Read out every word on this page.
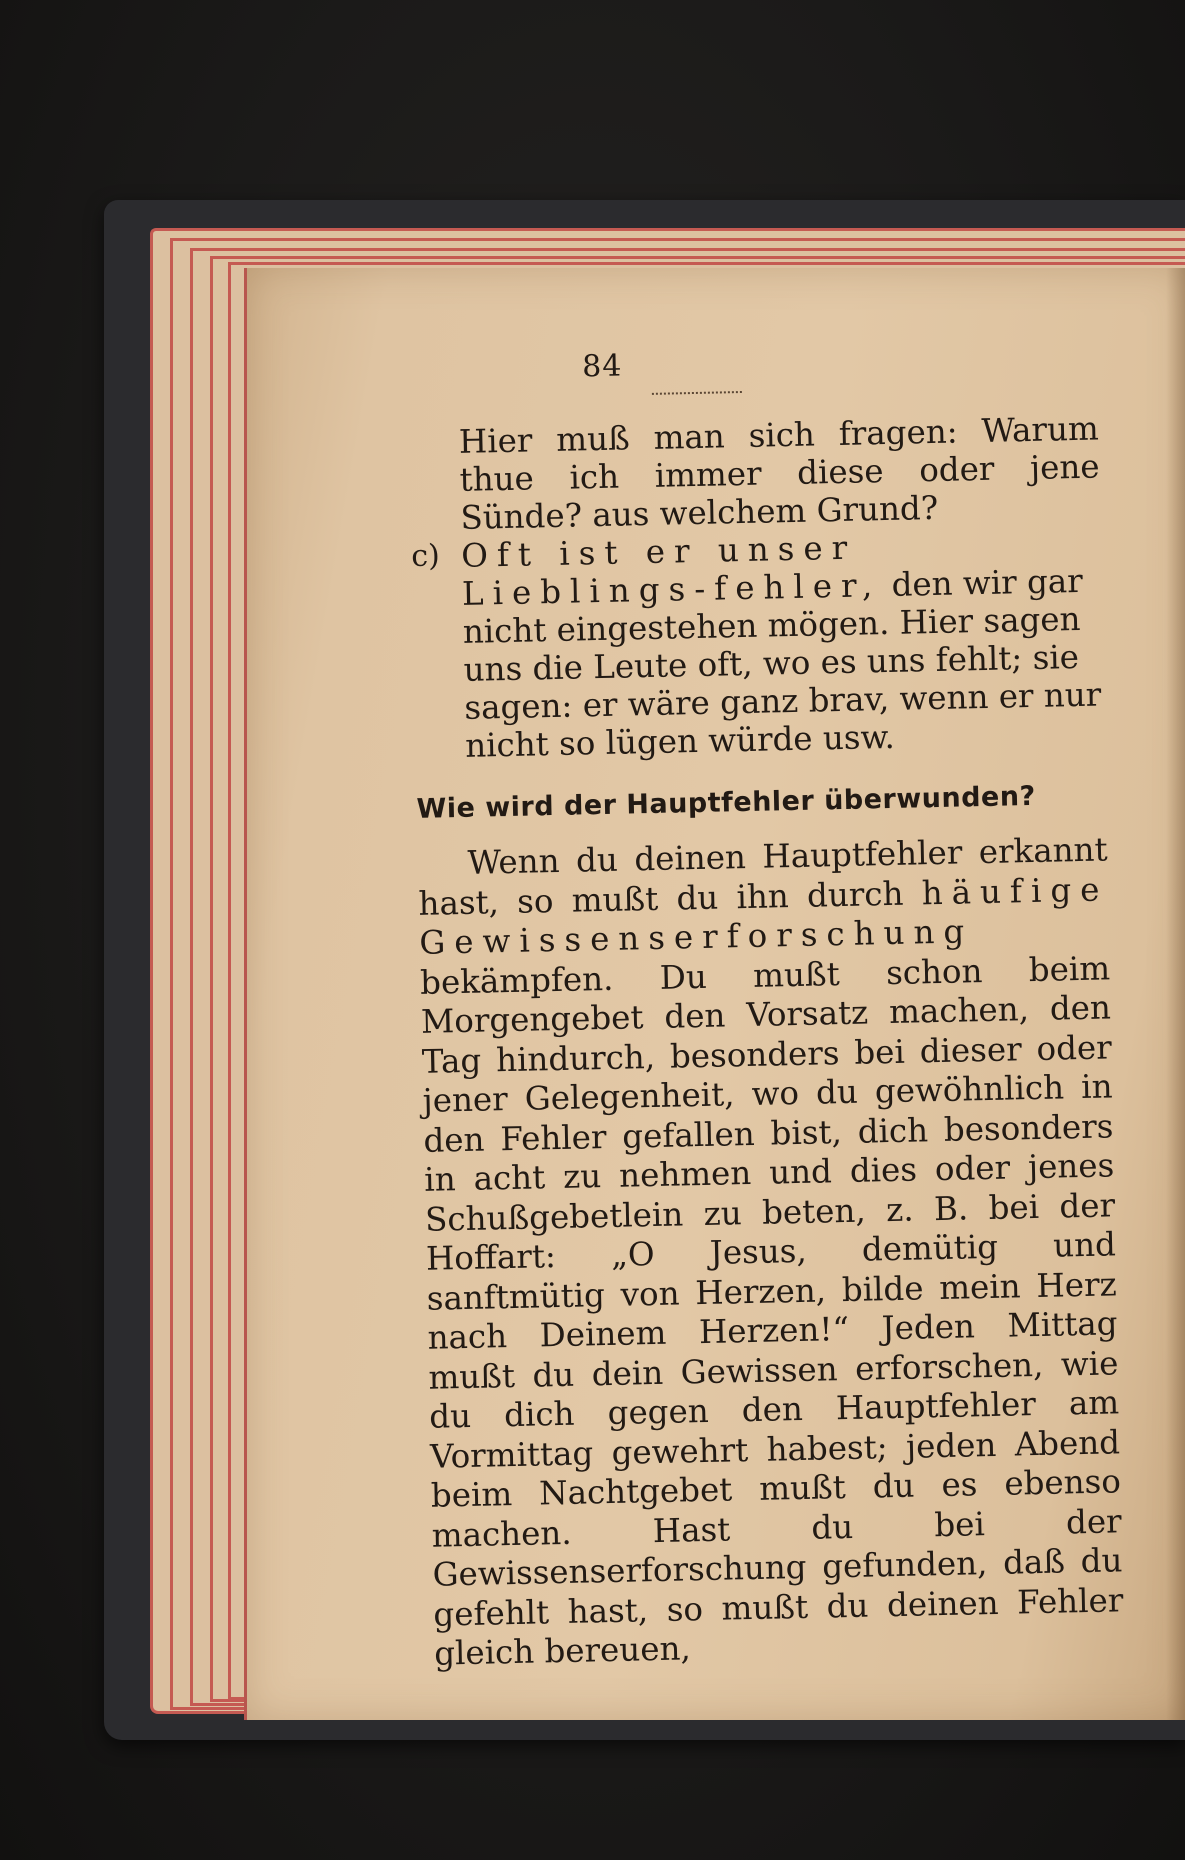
84

Hier muß man sich fragen: Warum thue ich immer diese oder jene Sünde? aus welchem Grund?

c) Oft ist er unser Lieblings-fehler, den wir gar nicht eingestehen mögen. Hier sagen uns die Leute oft, wo es uns fehlt; sie sagen: er wäre ganz brav, wenn er nur nicht so lügen würde usw.
Wie wird der Hauptfehler überwunden?

Wenn du deinen Hauptfehler erkannt hast, so mußt du ihn durch häufige Gewissenserforschung bekämpfen. Du mußt schon beim Morgengebet den Vorsatz machen, den Tag hindurch, besonders bei dieser oder jener Gelegenheit, wo du gewöhnlich in den Fehler gefallen bist, dich besonders in acht zu nehmen und dies oder jenes Schußgebetlein zu beten, z. B. bei der Hoffart: „O Jesus, demütig und sanftmütig von Herzen, bilde mein Herz nach Deinem Herzen!“ Jeden Mittag mußt du dein Gewissen erforschen, wie du dich gegen den Hauptfehler am Vormittag gewehrt habest; jeden Abend beim Nachtgebet mußt du es ebenso machen. Hast du bei der Gewissenserforschung gefunden, daß du gefehlt hast, so mußt du deinen Fehler gleich bereuen,
